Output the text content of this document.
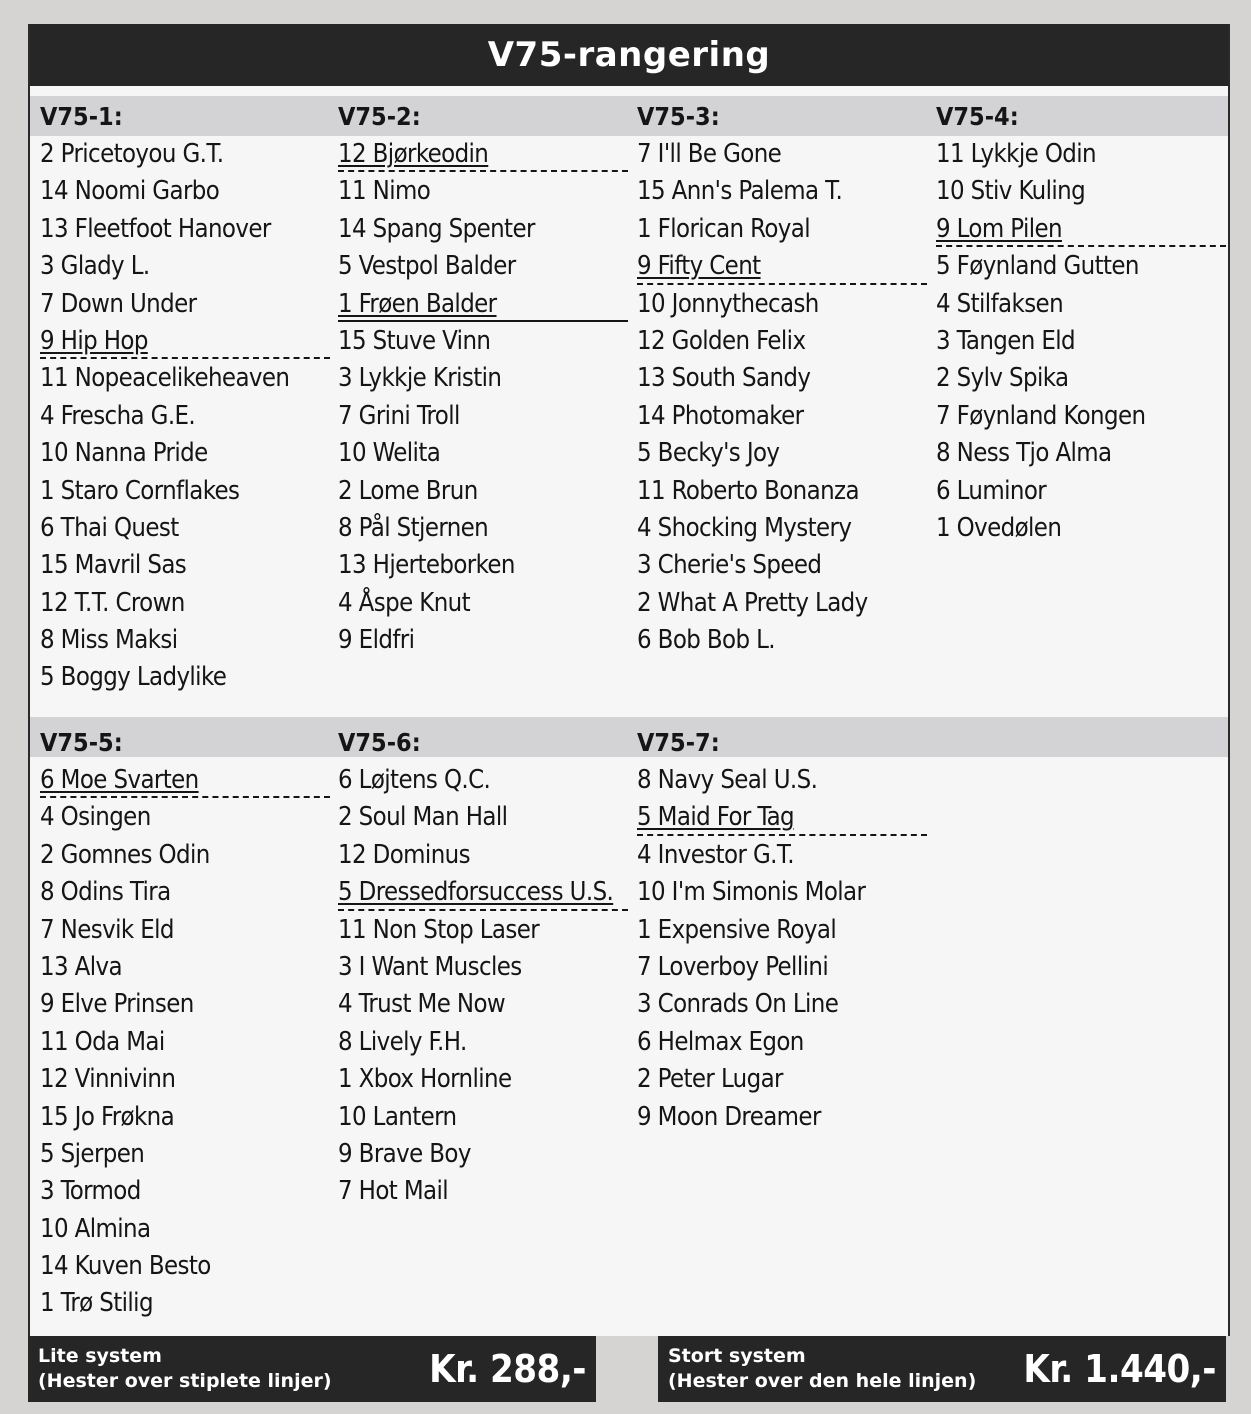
V75-rangering
V75-1:
2 Pricetoyou G.T.
14 Noomi Garbo
13 Fleetfoot Hanover
3 Glady L.
7 Down Under
9 Hip Hop
11 Nopeacelikeheaven
4 Frescha G.E.
10 Nanna Pride
1 Staro Cornflakes
6 Thai Quest
15 Mavril Sas
12 T.T. Crown
8 Miss Maksi
5 Boggy Ladylike
V75-2:
12 Bjørkeodin
11 Nimo
14 Spang Spenter
5 Vestpol Balder
1 Frøen Balder
15 Stuve Vinn
3 Lykkje Kristin
7 Grini Troll
10 Welita
2 Lome Brun
8 Pål Stjernen
13 Hjerteborken
4 Åspe Knut
9 Eldfri
V75-3:
7 I'll Be Gone
15 Ann's Palema T.
1 Florican Royal
9 Fifty Cent
10 Jonnythecash
12 Golden Felix
13 South Sandy
14 Photomaker
5 Becky's Joy
11 Roberto Bonanza
4 Shocking Mystery
3 Cherie's Speed
2 What A Pretty Lady
6 Bob Bob L.
V75-4:
11 Lykkje Odin
10 Stiv Kuling
9 Lom Pilen
5 Føynland Gutten
4 Stilfaksen
3 Tangen Eld
2 Sylv Spika
7 Føynland Kongen
8 Ness Tjo Alma
6 Luminor
1 Ovedølen
V75-5:
6 Moe Svarten
4 Osingen
2 Gomnes Odin
8 Odins Tira
7 Nesvik Eld
13 Alva
9 Elve Prinsen
11 Oda Mai
12 Vinnivinn
15 Jo Frøkna
5 Sjerpen
3 Tormod
10 Almina
14 Kuven Besto
1 Trø Stilig
V75-6:
6 Løjtens Q.C.
2 Soul Man Hall
12 Dominus
5 Dressedforsuccess U.S.
11 Non Stop Laser
3 I Want Muscles
4 Trust Me Now
8 Lively F.H.
1 Xbox Hornline
10 Lantern
9 Brave Boy
7 Hot Mail
V75-7:
8 Navy Seal U.S.
5 Maid For Tag
4 Investor G.T.
10 I'm Simonis Molar
1 Expensive Royal
7 Loverboy Pellini
3 Conrads On Line
6 Helmax Egon
2 Peter Lugar
9 Moon Dreamer
Lite system
(Hester over stiplete linjer)	Kr. 288,-	Stort system
(Hester over den hele linjen)	Kr. 1.440,-
